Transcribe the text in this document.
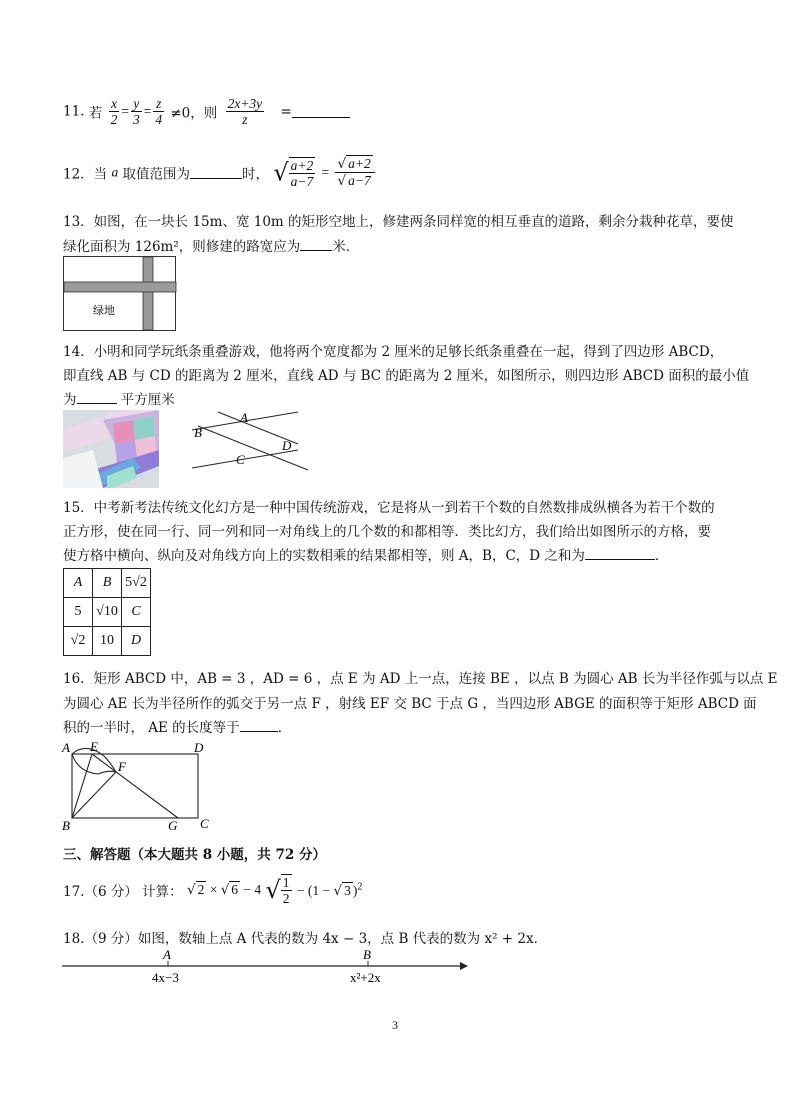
11. 若 $\frac{x}{2} = \frac{y}{3} = \frac{z}{4} \ne 0$，则 $\frac{2x+3y}{z}$ =
12．当 a 取值范围为	时， √ $\frac{a+2}{a-7} = \frac{√ a+2}{√ a-7}$
13．如图，在一块长 15m、宽 10m 的矩形空地上，修建两条同样宽的相互垂直的道路，剩余分栽种花草，要使
绿化面积为 126m²，则修建的路宽应为 米．
绿地
14．小明和同学玩纸条重叠游戏，他将两个宽度都为 2 厘米的足够长纸条重叠在一起，得到了四边形 ABCD，
即直线 AB 与 CD 的距离为 2 厘米，直线 AD 与 BC 的距离为 2 厘米，如图所示，则四边形 ABCD 面积的最小值
为	平方厘米
A
B
C
D
15．中考新考法传统文化幻方是一种中国传统游戏，它是将从一到若干个数的自然数排成纵横各为若干个数的
正方形，使在同一行、同一列和同一对角线上的几个数的和都相等．类比幻方，我们给出如图所示的方格，要
使方格中横向、纵向及对角线方向上的实数相乘的结果都相等，则 A，B，C，D 之和为	．
A	B	5√2
5	√10	C
√2	10	D
16．矩形 ABCD 中，AB = 3 ，AD = 6 ，点 E 为 AD 上一点，连接 BE ，以点 B 为圆心 AB 长为半径作弧与以点 E
为圆心 AE 长为半径所作的弧交于另一点 F ，射线 EF 交 BC 于点 G ，当四边形 ABGE 的面积等于矩形 ABCD 面
积的一半时， AE 的长度等于	．
A E	D
F
B	G C
三、解答题（本大题共 8 小题，共 72 分）
17.（6 分） 计算： √ 2 × √ 6 − 4 √ $\frac{1}{2} - (1$ − √ 3 )$^2$
18.（9 分）如图，数轴上点 A 代表的数为 4x − 3，点 B 代表的数为 x² + 2x．
A	B
4x−3	x²+2x
3
